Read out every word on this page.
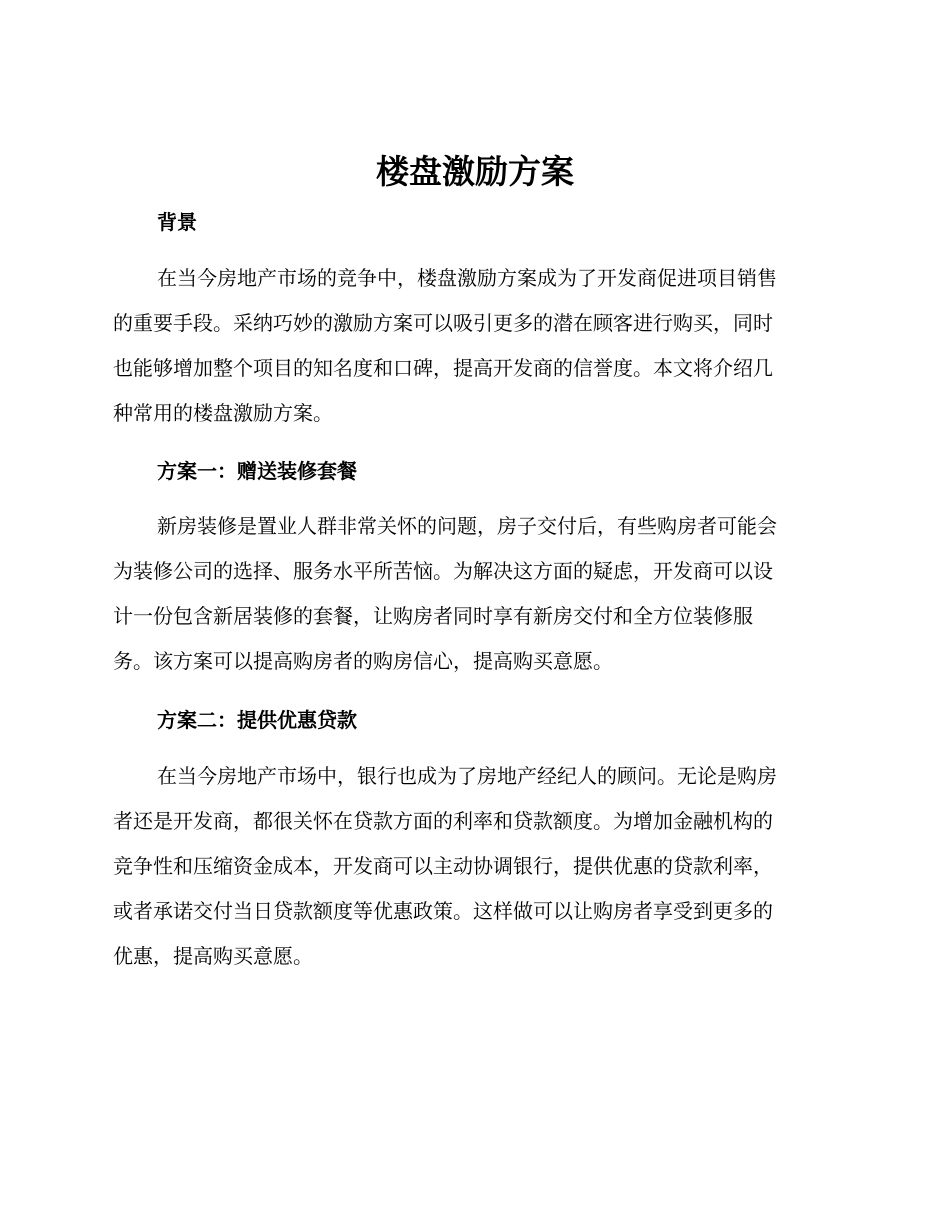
楼盘激励方案
背景
在当今房地产市场的竞争中，楼盘激励方案成为了开发商促进项目销售
的重要手段。采纳巧妙的激励方案可以吸引更多的潜在顾客进行购买，同时
也能够增加整个项目的知名度和口碑，提高开发商的信誉度。本文将介绍几
种常用的楼盘激励方案。
方案一：赠送装修套餐
新房装修是置业人群非常关怀的问题，房子交付后，有些购房者可能会
为装修公司的选择、服务水平所苦恼。为解决这方面的疑虑，开发商可以设
计一份包含新居装修的套餐，让购房者同时享有新房交付和全方位装修服
务。该方案可以提高购房者的购房信心，提高购买意愿。
方案二：提供优惠贷款
在当今房地产市场中，银行也成为了房地产经纪人的顾问。无论是购房
者还是开发商，都很关怀在贷款方面的利率和贷款额度。为增加金融机构的
竞争性和压缩资金成本，开发商可以主动协调银行，提供优惠的贷款利率，
或者承诺交付当日贷款额度等优惠政策。这样做可以让购房者享受到更多的
优惠，提高购买意愿。
